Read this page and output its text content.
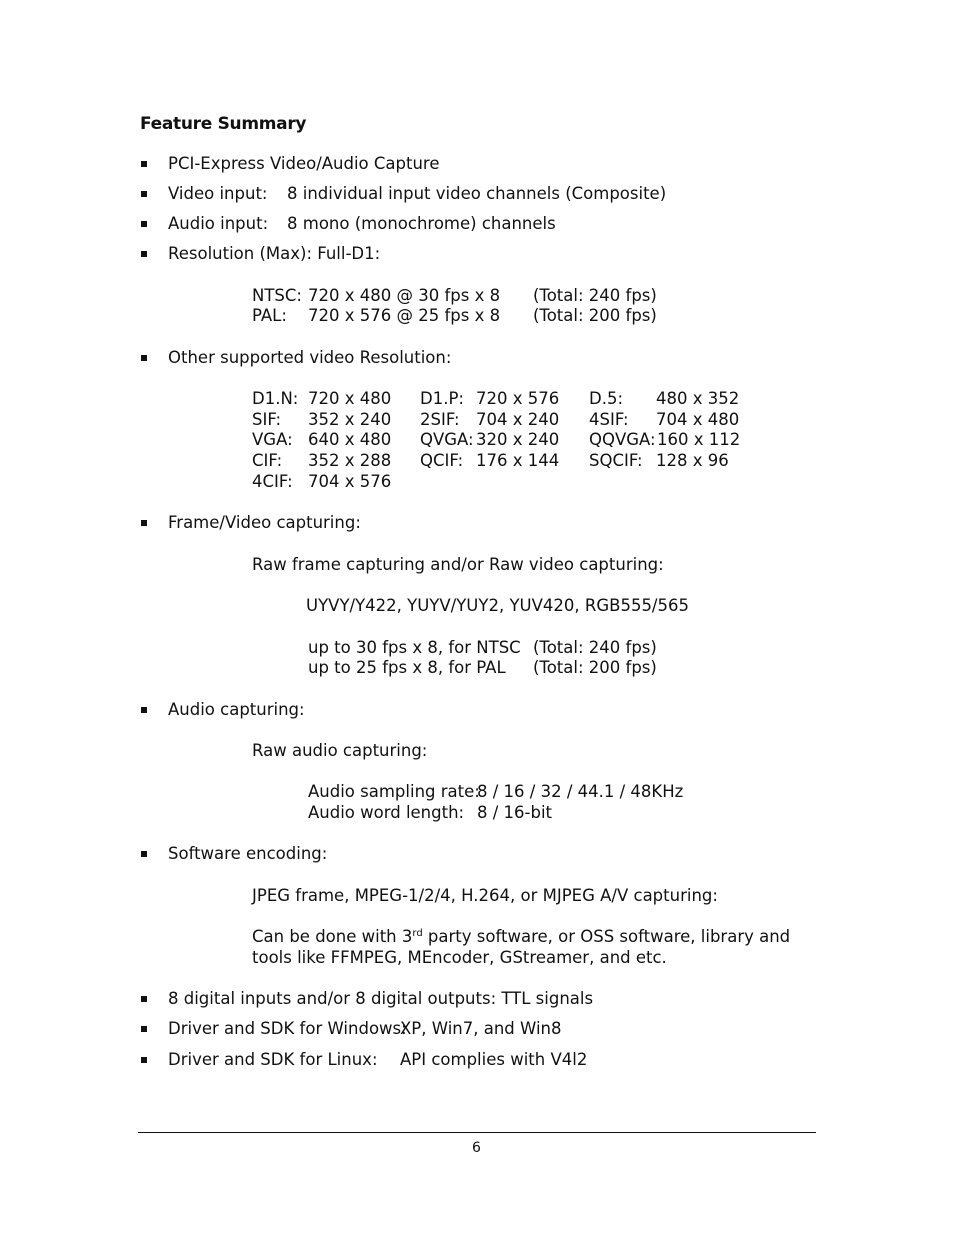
Feature Summary
PCI-Express Video/Audio Capture
Video input: 8 individual input video channels (Composite)
Audio input: 8 mono (monochrome) channels
Resolution (Max): Full-D1:
NTSC: 720 x 480 @ 30 fps x 8 (Total: 240 fps)
PAL: 720 x 576 @ 25 fps x 8 (Total: 200 fps)
Other supported video Resolution:
D1.N: 720 x 480 D1.P: 720 x 576 D.5: 480 x 352
SIF: 352 x 240 2SIF: 704 x 240 4SIF: 704 x 480
VGA: 640 x 480 QVGA: 320 x 240 QQVGA: 160 x 112
CIF: 352 x 288 QCIF: 176 x 144 SQCIF: 128 x 96
4CIF: 704 x 576
Frame/Video capturing:
Raw frame capturing and/or Raw video capturing:
UYVY/Y422, YUYV/YUY2, YUV420, RGB555/565
up to 30 fps x 8, for NTSC (Total: 240 fps)
up to 25 fps x 8, for PAL (Total: 200 fps)
Audio capturing:
Raw audio capturing:
Audio sampling rate:
8 / 16 / 32 / 44.1 / 48KHz
Audio word length: 8 / 16-bit
Software encoding:
JPEG frame, MPEG-1/2/4, H.264, or MJPEG A/V capturing:
Can be done with 3rd party software, or OSS software, library and
tools like FFMPEG, MEncoder, GStreamer, and etc.
8 digital inputs and/or 8 digital outputs: TTL signals
Driver and SDK for Windows:
XP, Win7, and Win8
Driver and SDK for Linux: API complies with V4l2
6
